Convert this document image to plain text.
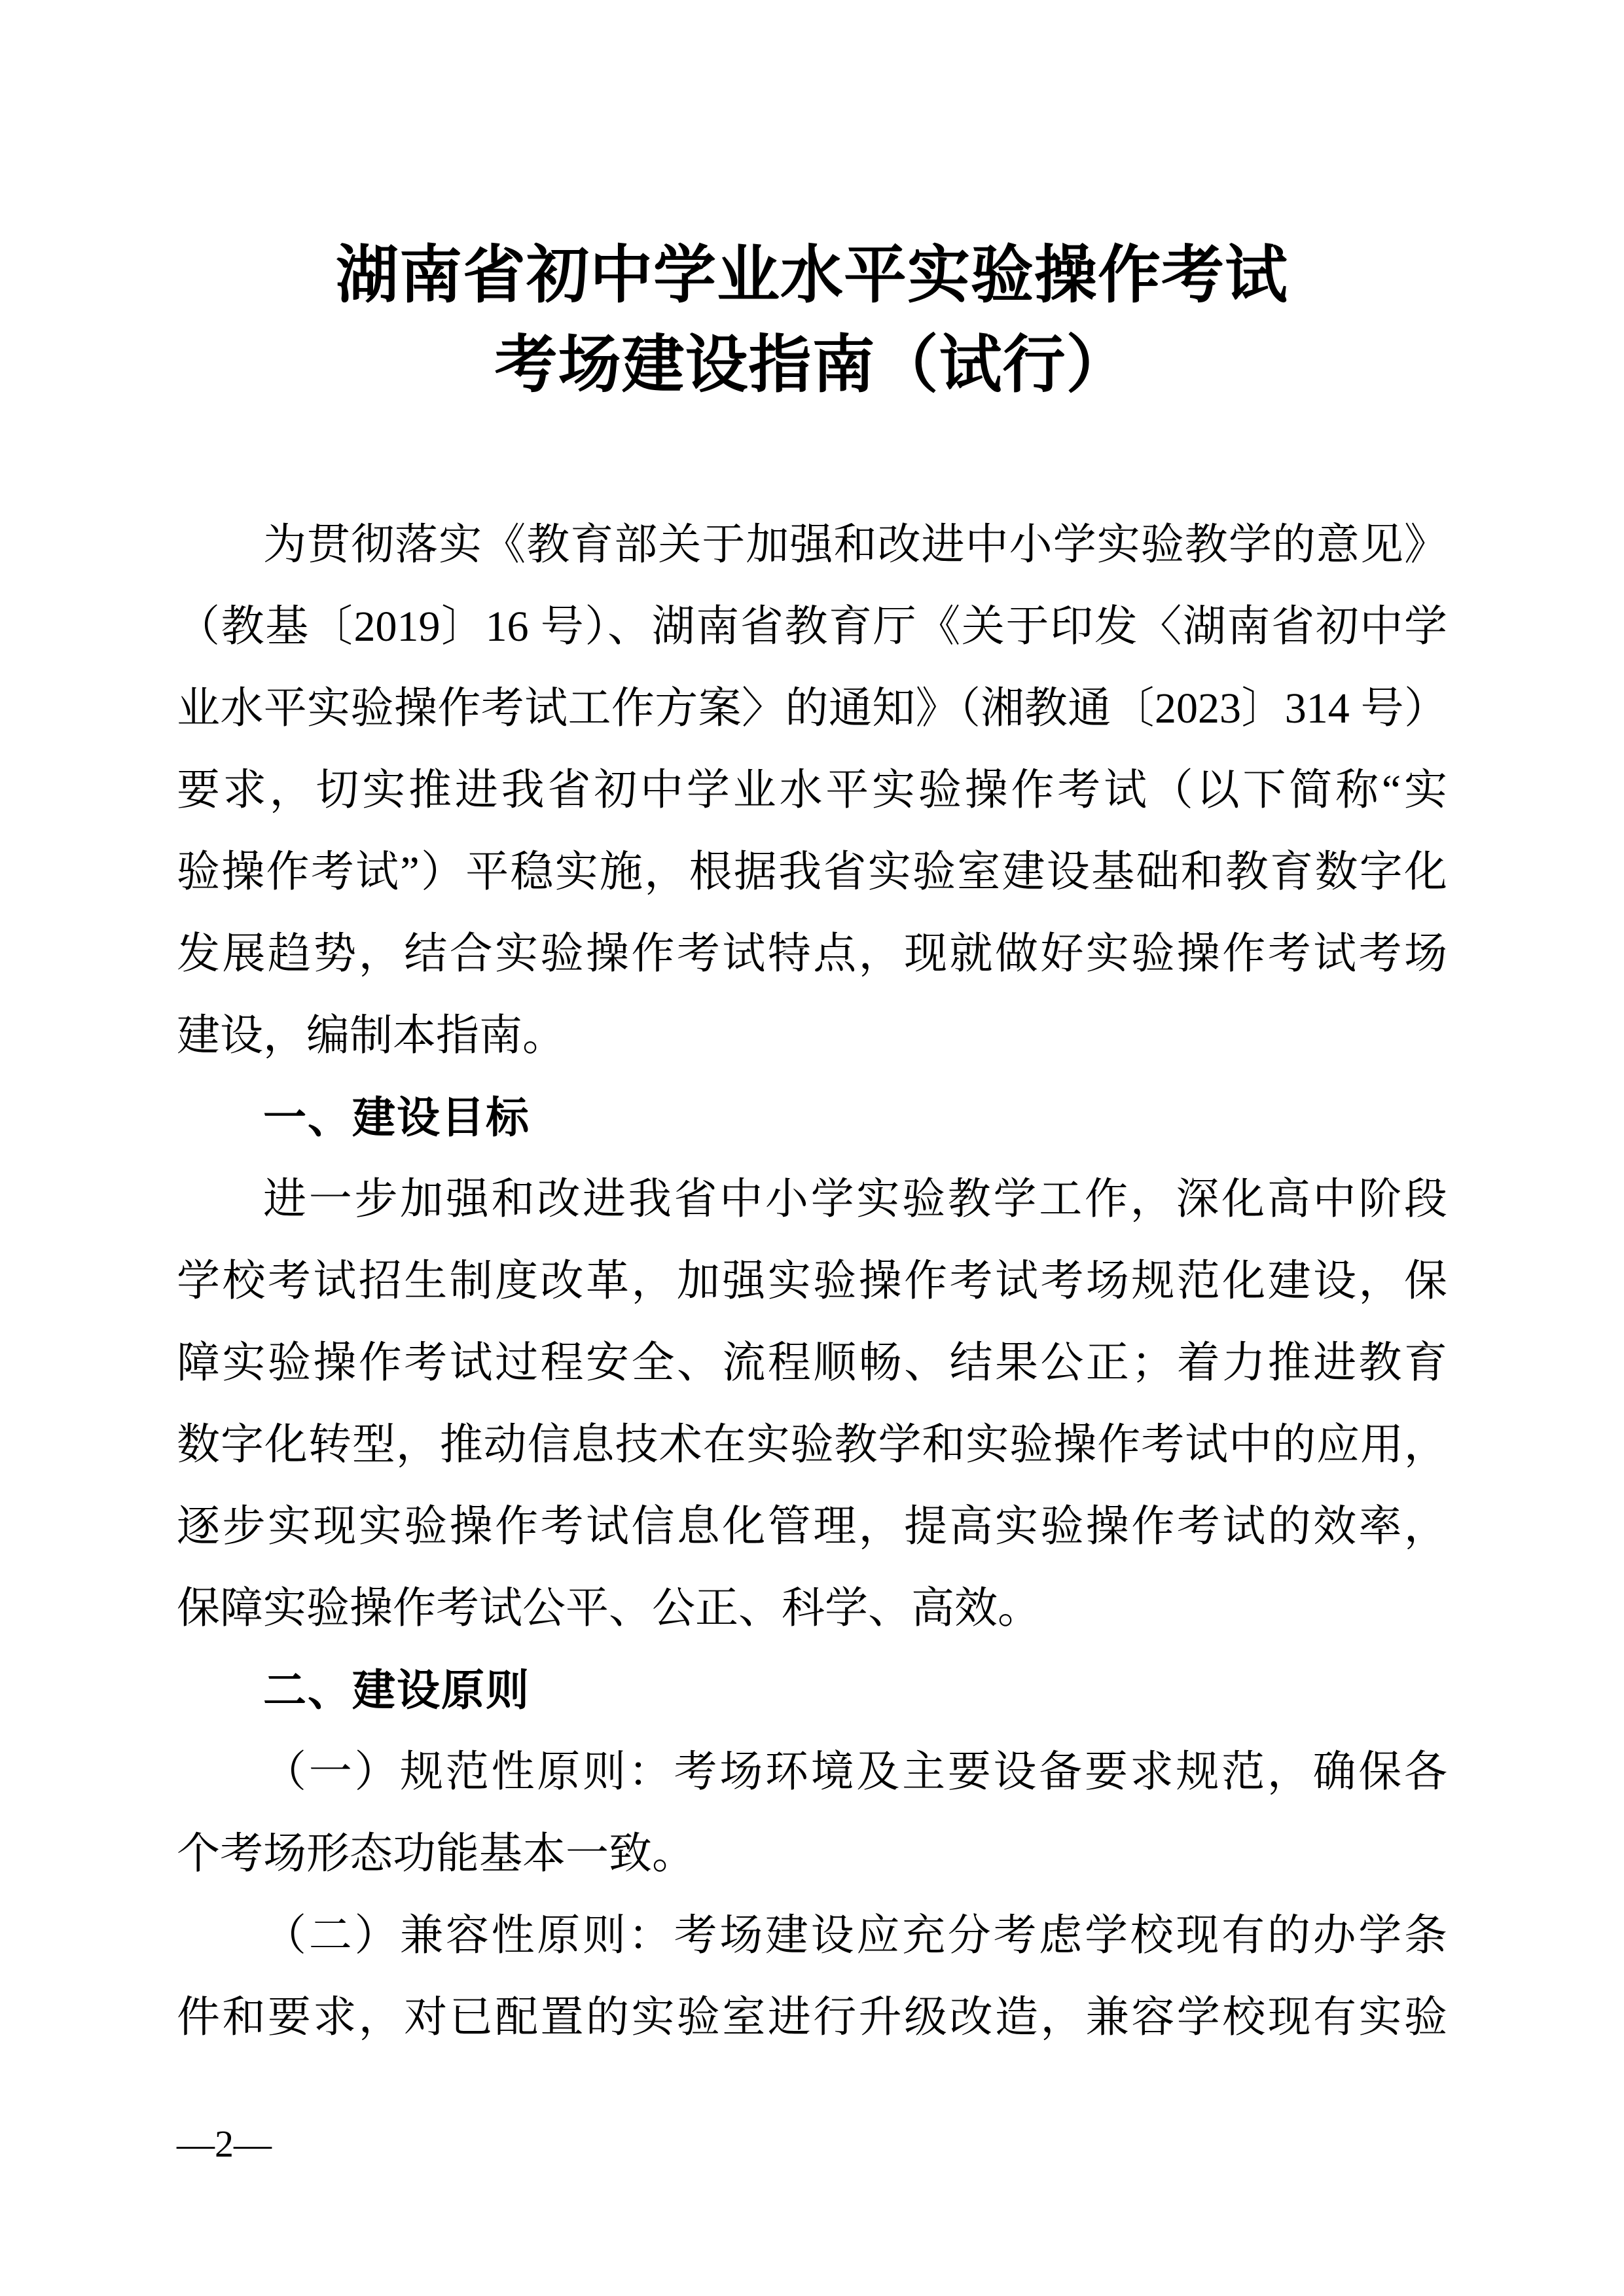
湖南省初中学业水平实验操作考试
考场建设指南（试行）
为贯彻落实《教育部关于加强和改进中小学实验教学的意见》
（教基〔2019〕16 号）、湖南省教育厅《关于印发〈湖南省初中学
业水平实验操作考试工作方案〉的通知》（湘教通〔2023〕314 号）
要求，切实推进我省初中学业水平实验操作考试（以下简称“实
验操作考试”）平稳实施，根据我省实验室建设基础和教育数字化
发展趋势，结合实验操作考试特点，现就做好实验操作考试考场
建设，编制本指南。
一、建设目标
进一步加强和改进我省中小学实验教学工作，深化高中阶段
学校考试招生制度改革，加强实验操作考试考场规范化建设，保
障实验操作考试过程安全、流程顺畅、结果公正；着力推进教育
数字化转型，推动信息技术在实验教学和实验操作考试中的应用，
逐步实现实验操作考试信息化管理，提高实验操作考试的效率，
保障实验操作考试公平、公正、科学、高效。
二、建设原则
（一）规范性原则：考场环境及主要设备要求规范，确保各
个考场形态功能基本一致。
（二）兼容性原则：考场建设应充分考虑学校现有的办学条
件和要求，对已配置的实验室进行升级改造，兼容学校现有实验
—2—
